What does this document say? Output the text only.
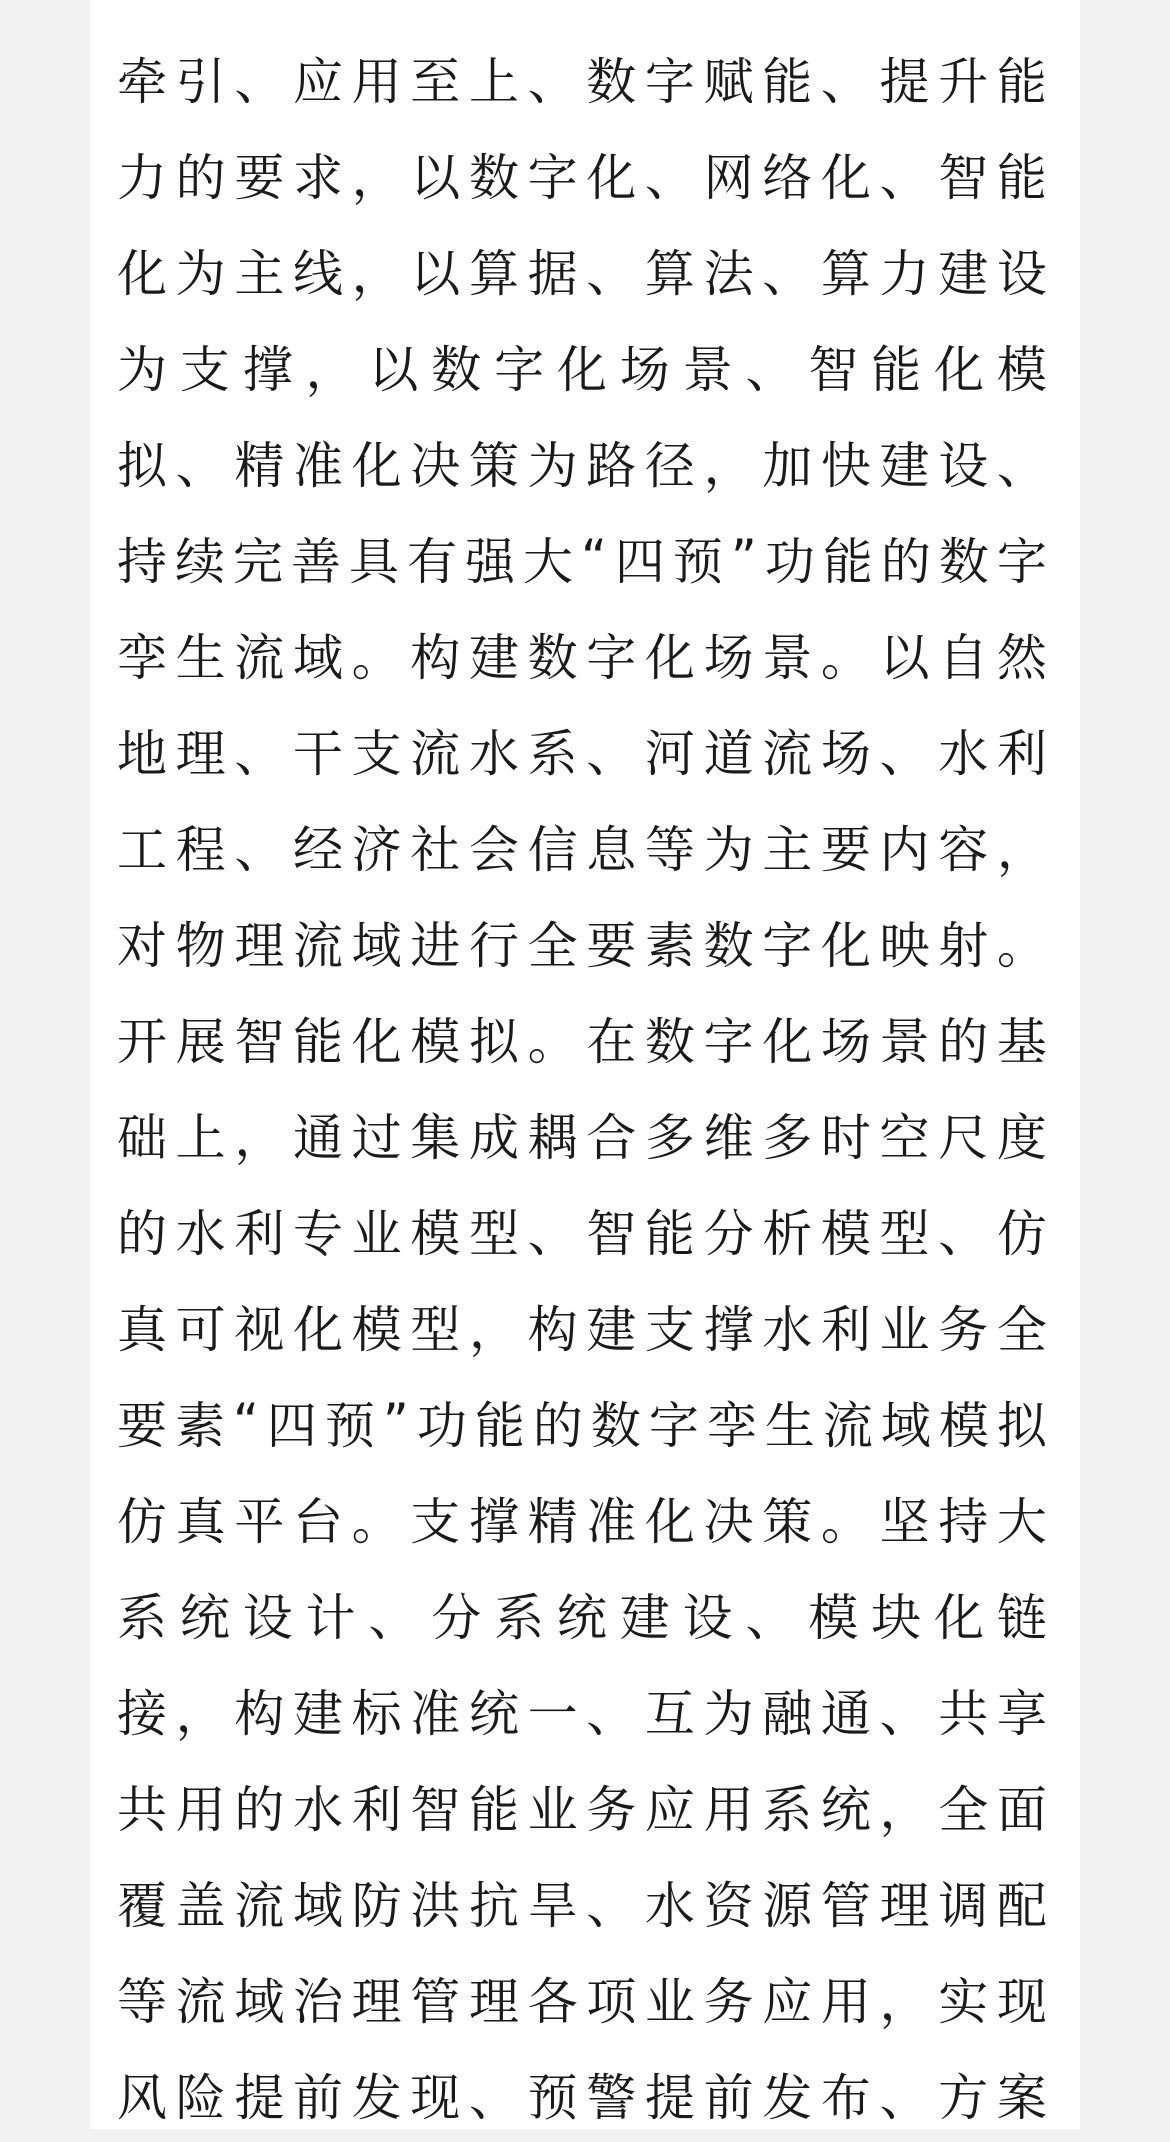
牵 引 、 应 用 至 上 、 数 字 赋 能 、 提 升 能
力 的 要 求 ， 以 数 字 化 、 网 络 化 、 智 能
化 为 主 线 ， 以 算 据 、 算 法 、 算 力 建 设
为 支 撑 ， 以 数 字 化 场 景 、 智 能 化 模
拟 、 精 准 化 决 策 为 路 径 ， 加 快 建 设 、
持 续 完 善 具 有 强 大 “ 四 预 ” 功 能 的 数 字
孪 生 流 域 。 构 建 数 字 化 场 景 。 以 自 然
地 理 、 干 支 流 水 系 、 河 道 流 场 、 水 利
工 程 、 经 济 社 会 信 息 等 为 主 要 内 容 ，
对 物 理 流 域 进 行 全 要 素 数 字 化 映 射 。
开 展 智 能 化 模 拟 。 在 数 字 化 场 景 的 基
础 上 ， 通 过 集 成 耦 合 多 维 多 时 空 尺 度
的 水 利 专 业 模 型 、 智 能 分 析 模 型 、 仿
真 可 视 化 模 型 ， 构 建 支 撑 水 利 业 务 全
要 素 “ 四 预 ” 功 能 的 数 字 孪 生 流 域 模 拟
仿 真 平 台 。 支 撑 精 准 化 决 策 。 坚 持 大
系 统 设 计 、 分 系 统 建 设 、 模 块 化 链
接 ， 构 建 标 准 统 一 、 互 为 融 通 、 共 享
共 用 的 水 利 智 能 业 务 应 用 系 统 ， 全 面
覆 盖 流 域 防 洪 抗 旱 、 水 资 源 管 理 调 配
等 流 域 治 理 管 理 各 项 业 务 应 用 ， 实 现
风 险 提 前 发 现 、 预 警 提 前 发 布 、 方 案
